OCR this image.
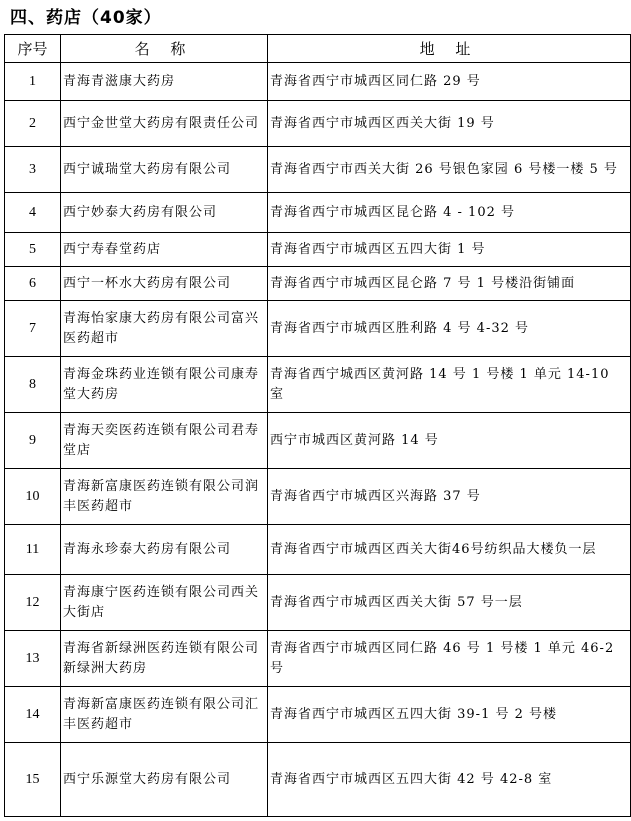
四、药店（40家）
序号	名 称	地 址
1	青海青滋康大药房	青海省西宁市城西区同仁路 29 号
2	西宁金世堂大药房有限责任公司	青海省西宁市城西区西关大街 19 号
3	西宁诚瑞堂大药房有限公司	青海省西宁市西关大街 26 号银色家园 6 号楼一楼 5 号
4	西宁妙泰大药房有限公司	青海省西宁市城西区昆仑路 4 - 102 号
5	西宁寿春堂药店	青海省西宁市城西区五四大街 1 号
6	西宁一杯水大药房有限公司	青海省西宁市城西区昆仑路 7 号 1 号楼沿街铺面
7	青海怡家康大药房有限公司富兴医药超市	青海省西宁市城西区胜利路 4 号 4-32 号
8	青海金珠药业连锁有限公司康寿堂大药房	青海省西宁城西区黄河路 14 号 1 号楼 1 单元 14-10 室
9	青海天奕医药连锁有限公司君寿堂店	西宁市城西区黄河路 14 号
10	青海新富康医药连锁有限公司润丰医药超市	青海省西宁市城西区兴海路 37 号
11	青海永珍泰大药房有限公司	青海省西宁市城西区西关大街46号纺织品大楼负一层
12	青海康宁医药连锁有限公司西关大街店	青海省西宁市城西区西关大街 57 号一层
13	青海省新绿洲医药连锁有限公司新绿洲大药房	青海省西宁市城西区同仁路 46 号 1 号楼 1 单元 46-2 号
14	青海新富康医药连锁有限公司汇丰医药超市	青海省西宁市城西区五四大街 39-1 号 2 号楼
15	西宁乐源堂大药房有限公司	青海省西宁市城西区五四大街 42 号 42-8 室
